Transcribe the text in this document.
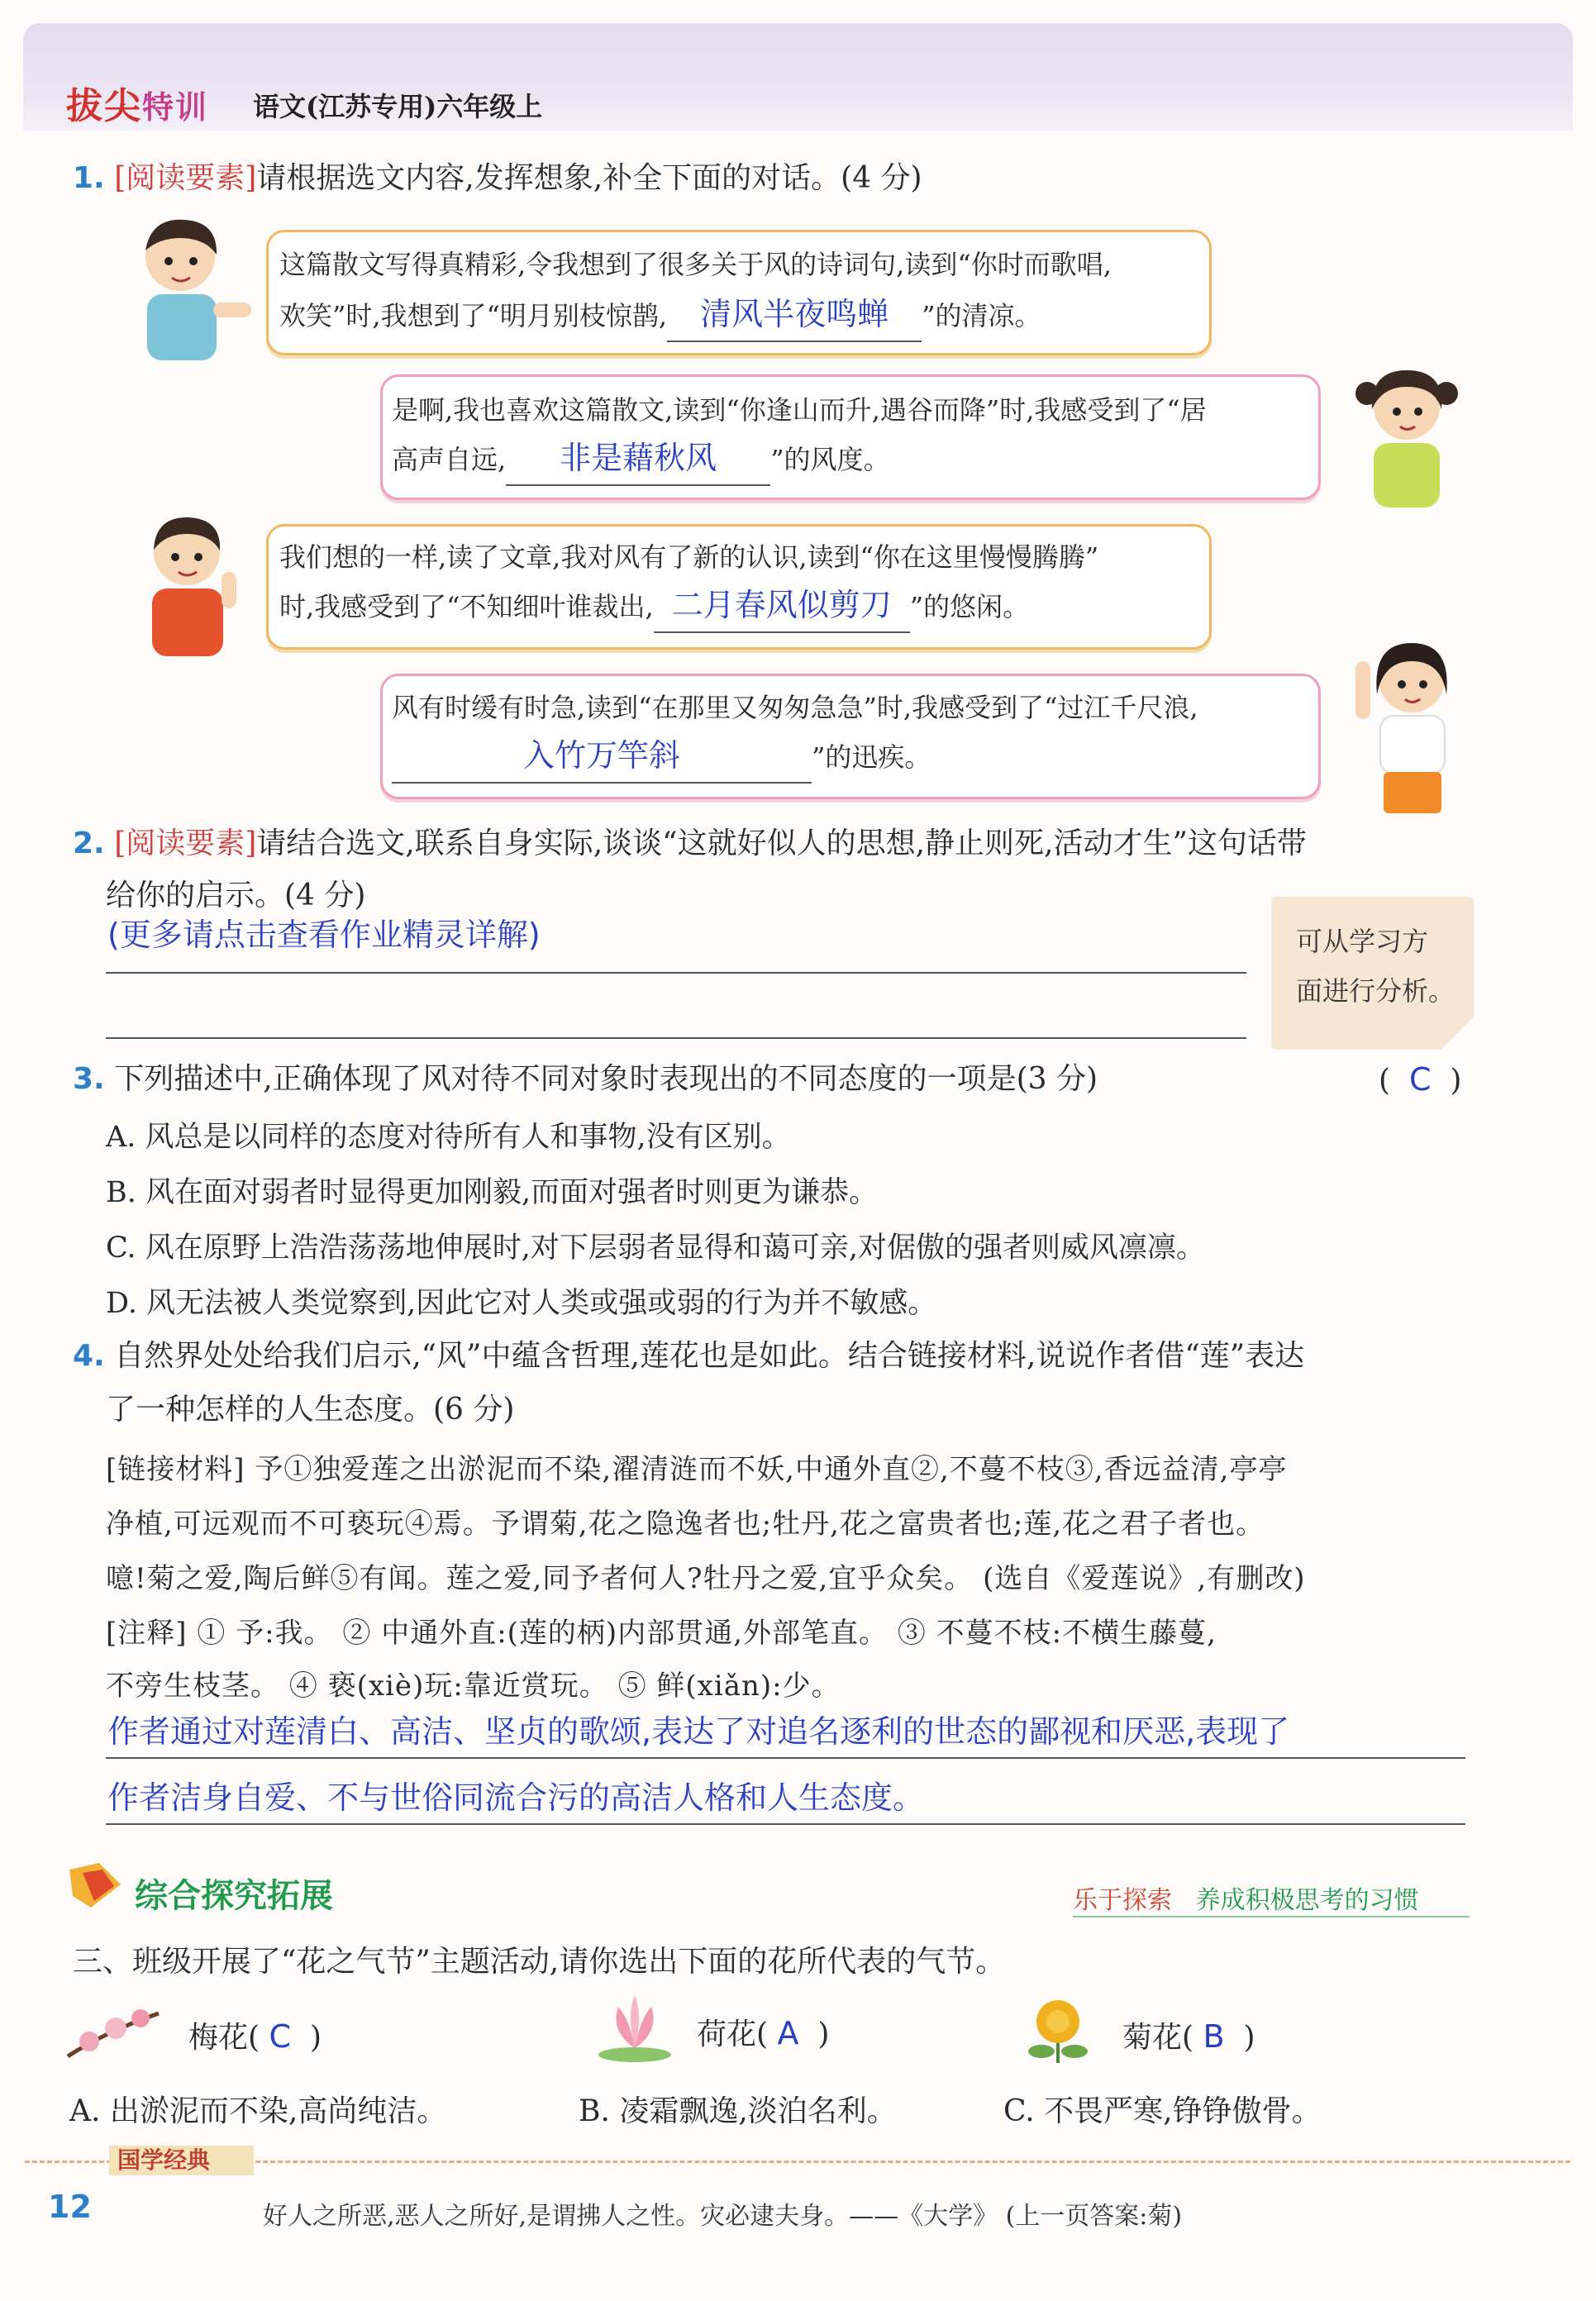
拔尖特训 语文(江苏专用)六年级上
1. [阅读要素]请根据选文内容,发挥想象,补全下面的对话。(4 分)
这篇散文写得真精彩,令我想到了很多关于风的诗词句,读到“你时而歌唱,
欢笑”时,我想到了“明月别枝惊鹊, 清风半夜鸣蝉 ”的清凉。
是啊,我也喜欢这篇散文,读到“你逢山而升,遇谷而降”时,我感受到了“居
高声自远, 非是藉秋风 ”的风度。
我们想的一样,读了文章,我对风有了新的认识,读到“你在这里慢慢腾腾”
时,我感受到了“不知细叶谁裁出, 二月春风似剪刀 ”的悠闲。
风有时缓有时急,读到“在那里又匆匆急急”时,我感受到了“过江千尺浪,
入竹万竿斜	”的迅疾。
2. [阅读要素]请结合选文,联系自身实际,谈谈“这就好似人的思想,静止则死,活动才生”这句话带
给你的启示。(4 分)
(更多请点击查看作业精灵详解)	可从学习方
面进行分析。
3. 下列描述中,正确体现了风对待不同对象时表现出的不同态度的一项是(3 分)	( C )
A. 风总是以同样的态度对待所有人和事物,没有区别。
B. 风在面对弱者时显得更加刚毅,而面对强者时则更为谦恭。
C. 风在原野上浩浩荡荡地伸展时,对下层弱者显得和蔼可亲,对倨傲的强者则威风凛凛。
D. 风无法被人类觉察到,因此它对人类或强或弱的行为并不敏感。
4. 自然界处处给我们启示,“风”中蕴含哲理,莲花也是如此。结合链接材料,说说作者借“莲”表达
了一种怎样的人生态度。(6 分)
[链接材料] 予①独爱莲之出淤泥而不染,濯清涟而不妖,中通外直②,不蔓不枝③,香远益清,亭亭
净植,可远观而不可亵玩④焉。予谓菊,花之隐逸者也;牡丹,花之富贵者也;莲,花之君子者也。
噫!菊之爱,陶后鲜⑤有闻。莲之爱,同予者何人?牡丹之爱,宜乎众矣。 (选自《爱莲说》,有删改)
[注释] ① 予:我。 ② 中通外直:(莲的柄)内部贯通,外部笔直。 ③ 不蔓不枝:不横生藤蔓,
不旁生枝茎。 ④ 亵(xiè)玩:靠近赏玩。 ⑤ 鲜(xiǎn):少。
作者通过对莲清白、高洁、坚贞的歌颂,表达了对追名逐利的世态的鄙视和厌恶,表现了
作者洁身自爱、不与世俗同流合污的高洁人格和人生态度。
综合探究拓展	乐于探索 养成积极思考的习惯
三、班级开展了“花之气节”主题活动,请你选出下面的花所代表的气节。
梅花( C )	荷花( A )	菊花( B )
A. 出淤泥而不染,高尚纯洁。	B. 凌霜飘逸,淡泊名利。	C. 不畏严寒,铮铮傲骨。
国学经典
12	好人之所恶,恶人之所好,是谓拂人之性。灾必逮夫身。——《大学》 (上一页答案:菊)
